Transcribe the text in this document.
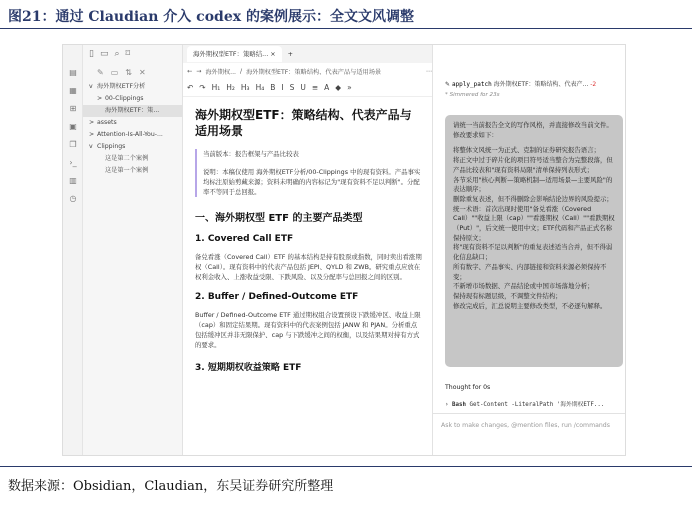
图21：通过 Claudian 介入 codex 的案例展示：全文文风调整
▤
▦
⊞
▣
❐
›_
▥
◷
▯ ▭ ⌕ ⌑
✎ ▭ ⇅ ✕
v 海外期权ETF分析
> 00-Clippings
海外期权ETF：策...
> assets
> Attention-Is-All-You-...
v Clippings
这是第二个案例
这是第一个案例
海外期权型ETF：策略结... ×	+
← → 海外期权... / 海外期权型ETF：策略结构、代表产品与适用场景	⋯
↶ ↷ H₁ H₂ H₃ H₄ B I S U ≡ A ◆ »
海外期权型ETF：策略结构、代表产品与适用场景
当前版本：报告框架与产品比较表
说明：本稿仅使用 海外期权ETF分析/00-Clippings 中的现有资料。产品事实均标注原始剪藏来源；资料未明确的内容标记为"现有资料不足以判断"。分配率不等同于总回报。
一、海外期权型 ETF 的主要产品类型
1. Covered Call ETF

备兑看涨（Covered Call）ETF 的基本结构是持有股票或指数，同时卖出看涨期权（Call）。现有资料中的代表产品包括 JEPI、QYLD 和 ZWB。研究重点应放在权利金收入、上涨收益受限、下跌风险、以及分配率与总回报之间的区别。

2. Buffer / Defined-Outcome ETF

Buffer / Defined-Outcome ETF 通过期权组合设置预设下跌缓冲区、收益上限（cap）和固定结果期。现有资料中的代表案例包括 JANW 和 PJAN。分析重点包括缓冲区并非无限保护、cap 与下跌缓冲之间的权衡，以及结果期对持有方式的要求。

3. 短期期权收益策略 ETF
✎ apply_patch 海外期权ETF：策略结构、代表产... -2
* Simmered for 23s
请统一当前报告全文的写作风格，并直接修改当前文件。修改要求如下：
将整体文风统一为正式、克制的证券研究报告语言；
将正文中过于碎片化的项目符号适当整合为完整段落，但产品比较表和"现有资料局限"清单保持列表形式；
各节采用"核心判断—策略机制—适用场景—主要风险"的表达顺序；
删除重复表述，但不得删除会影响结论边界的风险提示；
统一术语：首次出现时使用"备兑看涨（Covered Call）""收益上限（cap）""看涨期权（Call）""看跌期权（Put）"，后文统一使用中文；ETF代码和产品正式名称保持原文；
将"现有资料不足以判断"的重复表述适当合并，但不得弱化信息缺口；
所有数字、产品事实、内部链接和资料来源必须保持不变；
不新增市场数据、产品结论或中国市场落地分析；
保持现有标题层级，不调整文件结构；
修改完成后，汇总说明主要修改类型，不必逐句解释。
Thought for 0s
› Bash Get-Content -LiteralPath '海外期权ETF...
Ask to make changes, @mention files, run /commands
数据来源：Obsidian，Claudian，东吴证券研究所整理
